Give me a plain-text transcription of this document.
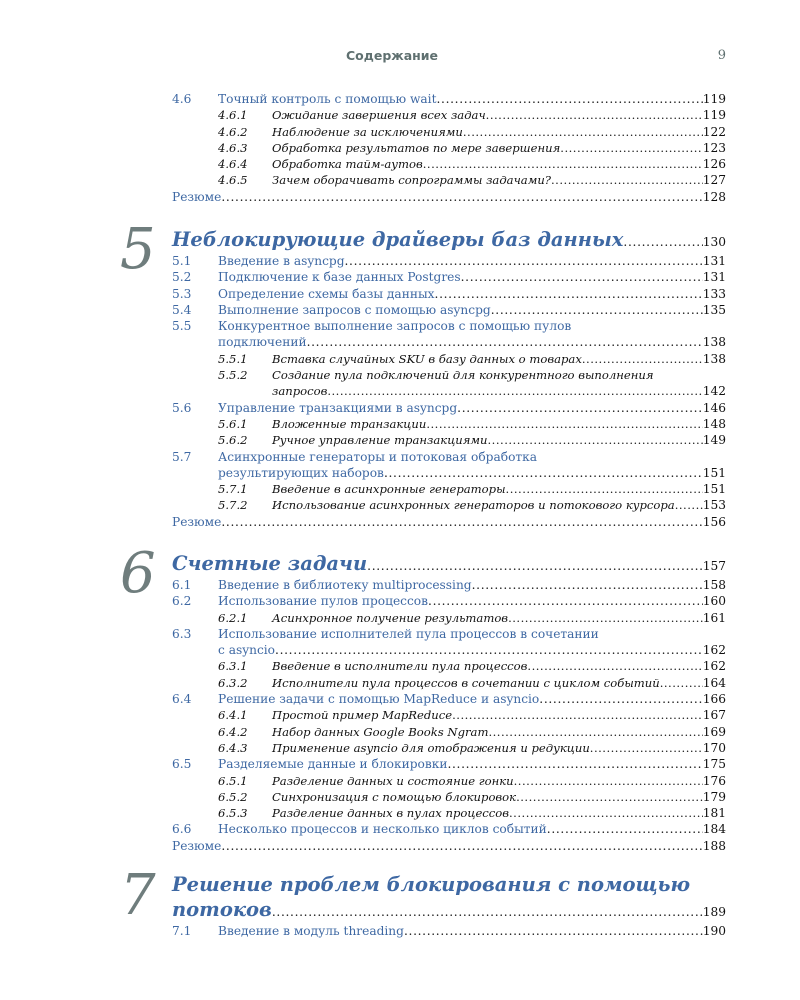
Содержание	9
4.6 Точный контроль с помощью wait . . .	119
4.6.1 Ожидание завершения всех задач . . .	119
4.6.2 Наблюдение за исключениями . . .	122
4.6.3 Обработка результатов по мере завершения . . .	123
4.6.4 Обработка тайм-аутов . . .	126
4.6.5 Зачем оборачивать сопрограммы задачами? . . .	127
Резюме . . .	128
5 Неблокирующие драйверы баз данных . . .	130
5.1 Введение в asyncpg . . .	131
5.2 Подключение к базе данных Postgres . . .	131
5.3 Определение схемы базы данных . . .	133
5.4 Выполнение запросов с помощью asyncpg . . .	135
5.5 Конкурентное выполнение запросов с помощью пулов
подключений . . .	138
5.5.1 Вставка случайных SKU в базу данных о товарах . . .	138
5.5.2 Создание пула подключений для конкурентного выполнения
запросов . . .	142
5.6 Управление транзакциями в asyncpg . . .	146
5.6.1 Вложенные транзакции . . .	148
5.6.2 Ручное управление транзакциями . . .	149
5.7 Асинхронные генераторы и потоковая обработка
результирующих наборов . . .	151
5.7.1 Введение в асинхронные генераторы . . .	151
5.7.2 Использование асинхронных генераторов и потокового курсора . . . 153
Резюме . . .	156
6 Счетные задачи . . .	157
6.1 Введение в библиотеку multiprocessing . . .	158
6.2 Использование пулов процессов . . .	160
6.2.1 Асинхронное получение результатов . . .	161
6.3 Использование исполнителей пула процессов в сочетании
с asyncio . . .	162
6.3.1 Введение в исполнители пула процессов . . .	162
6.3.2 Исполнители пула процессов в сочетании с циклом событий . . .	164
6.4 Решение задачи с помощью MapReduce и asyncio . . .	166
6.4.1 Простой пример MapReduce . . .	167
6.4.2 Набор данных Google Books Ngram . . .	169
6.4.3 Применение asyncio для отображения и редукции . . .	170
6.5 Разделяемые данные и блокировки . . .	175
6.5.1 Разделение данных и состояние гонки . . .	176
6.5.2 Синхронизация с помощью блокировок . . .	179
6.5.3 Разделение данных в пулах процессов . . .	181
6.6 Несколько процессов и несколько циклов событий . . .	184
Резюме . . .	188
7 Решение проблем блокирования с помощью
потоков . . .	189
7.1 Введение в модуль threading . . .	190
